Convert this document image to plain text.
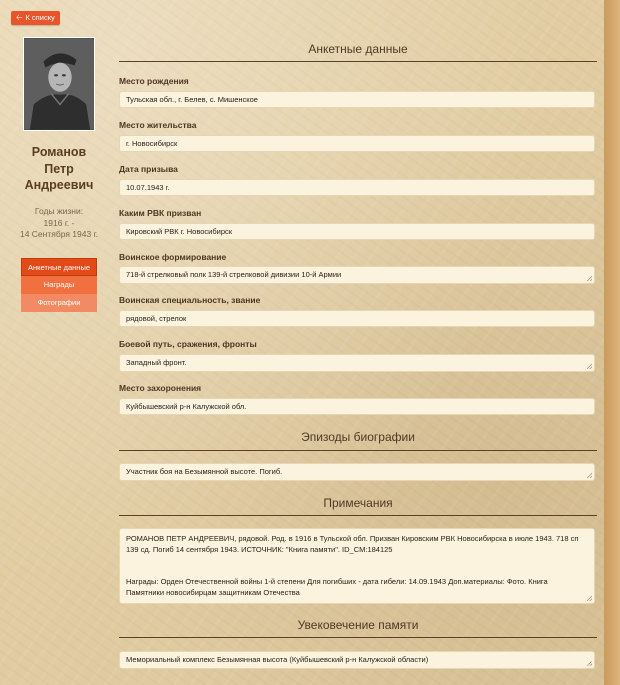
🡠 К списку
Романов
Петр
Андреевич
Годы жизни:
1916 г. -
14 Сентября 1943 г.
Анкетные данные
Награды
Фотографии
Анкетные данные
Место рождения
Тульская обл., г. Белев, с. Мишенское
Место жительства
г. Новосибирск
Дата призыва
10.07.1943 г.
Каким РВК призван
Кировский РВК г. Новосибирск
Воинское формирование
718-й стрелковый полк 139-й стрелковой дивизии 10-й Армии
Воинская специальность, звание
рядовой, стрелок
Боевой путь, сражения, фронты
Западный фронт.
Место захоронения
Куйбышевский р-н Калужской обл.
Эпизоды биографии
Участник боя на Безымянной высоте. Погиб.
Примечания
РОМАНОВ ПЕТР АНДРЕЕВИЧ, рядовой. Род. в 1916 в Тульской обл. Призван Кировским РВК Новосибирска в июле 1943. 718 сп 139 сд. Погиб 14 сентября 1943. ИСТОЧНИК: "Книга памяти". ID_CM:184125
Награды: Орден Отечественной войны 1-й степени Для погибших - дата гибели: 14.09.1943 Доп.материалы: Фото. Книга Памятники новосибирцам защитникам Отечества
Увековечение памяти
Мемориальный комплекс Безымянная высота (Куйбышевский р-н Калужской области)
